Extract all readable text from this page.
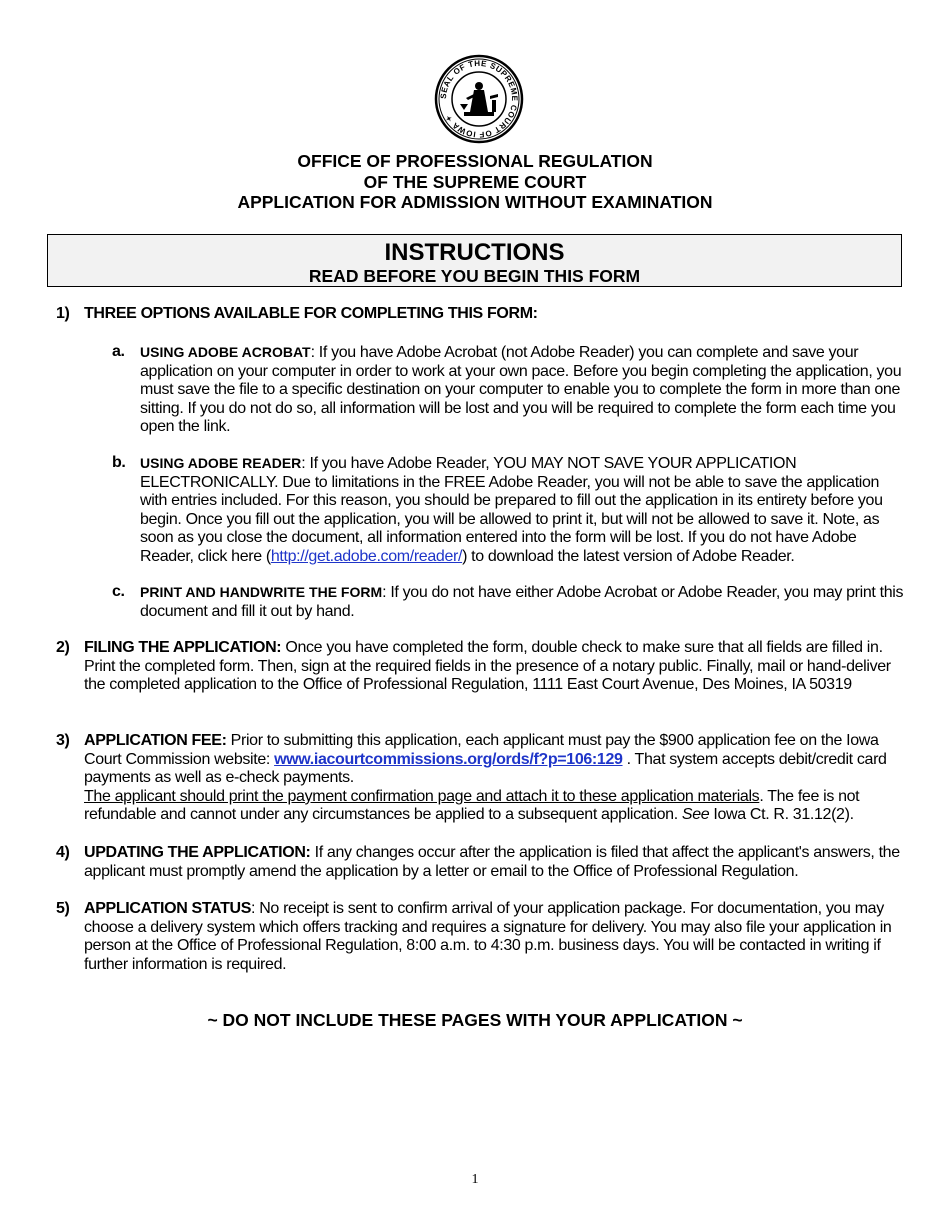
SEAL OF THE SUPREME COURT OF IOWA ✦
OFFICE OF PROFESSIONAL REGULATION
OF THE SUPREME COURT
APPLICATION FOR ADMISSION WITHOUT EXAMINATION
INSTRUCTIONS
READ BEFORE YOU BEGIN THIS FORM
1) THREE OPTIONS AVAILABLE FOR COMPLETING THIS FORM:
a. USING ADOBE ACROBAT: If you have Adobe Acrobat (not Adobe Reader) you can complete and save your application on your computer in order to work at your own pace. Before you begin completing the application, you must save the file to a specific destination on your computer to enable you to complete the form in more than one sitting. If you do not do so, all information will be lost and you will be required to complete the form each time you open the link.
b. USING ADOBE READER: If you have Adobe Reader, YOU MAY NOT SAVE YOUR APPLICATION ELECTRONICALLY. Due to limitations in the FREE Adobe Reader, you will not be able to save the application with entries included. For this reason, you should be prepared to fill out the application in its entirety before you begin. Once you fill out the application, you will be allowed to print it, but will not be allowed to save it. Note, as soon as you close the document, all information entered into the form will be lost. If you do not have Adobe Reader, click here (http://get.adobe.com/reader/) to download the latest version of Adobe Reader.
c. PRINT AND HANDWRITE THE FORM: If you do not have either Adobe Acrobat or Adobe Reader, you may print this document and fill it out by hand.
2) FILING THE APPLICATION: Once you have completed the form, double check to make sure that all fields are filled in. Print the completed form. Then, sign at the required fields in the presence of a notary public. Finally, mail or hand-deliver the completed application to the Office of Professional Regulation, 1111 East Court Avenue, Des Moines, IA 50319
3) APPLICATION FEE: Prior to submitting this application, each applicant must pay the $900 application fee on the Iowa Court Commission website: www.iacourtcommissions.org/ords/f?p=106:129 . That system accepts debit/credit card payments as well as e-check payments.
The applicant should print the payment confirmation page and attach it to these application materials. The fee is not refundable and cannot under any circumstances be applied to a subsequent application. See Iowa Ct. R. 31.12(2).
4) UPDATING THE APPLICATION: If any changes occur after the application is filed that affect the applicant's answers, the applicant must promptly amend the application by a letter or email to the Office of Professional Regulation.
5) APPLICATION STATUS: No receipt is sent to confirm arrival of your application package. For documentation, you may choose a delivery system which offers tracking and requires a signature for delivery. You may also file your application in person at the Office of Professional Regulation, 8:00 a.m. to 4:30 p.m. business days. You will be contacted in writing if further information is required.
~ DO NOT INCLUDE THESE PAGES WITH YOUR APPLICATION ~
1
